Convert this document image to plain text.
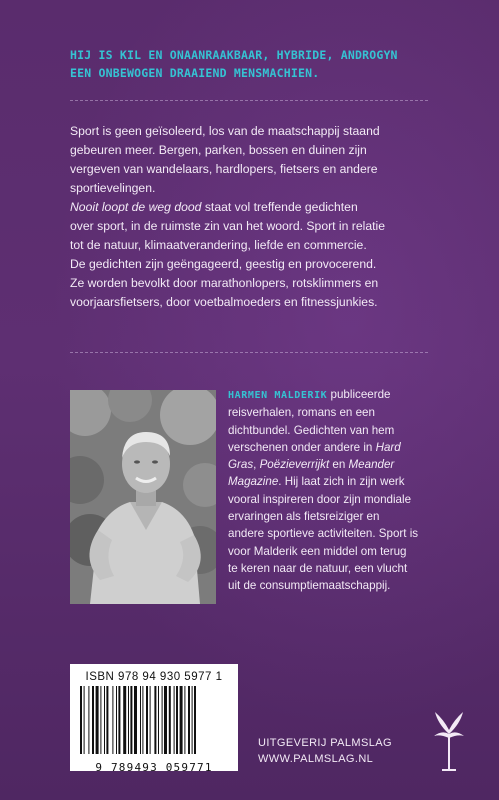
HIJ IS KIL EN ONAANRAAKBAAR, HYBRIDE, ANDROGYN
EEN ONBEWOGEN DRAAIEND MENSMACHIEN.

Sport is geen geïsoleerd, los van de maatschappij staand

gebeuren meer. Bergen, parken, bossen en duinen zijn

vergeven van wandelaars, hardlopers, fietsers en andere

sportievelingen.

Nooit loopt de weg dood staat vol treffende gedichten

over sport, in de ruimste zin van het woord. Sport in relatie

tot de natuur, klimaatverandering, liefde en commercie.

De gedichten zijn geëngageerd, geestig en provocerend.

Ze worden bevolkt door marathonlopers, rotsklimmers en

voorjaarsfietsers, door voetbalmoeders en fitnessjunkies.

HARMEN MALDERIK publiceerde

reisverhalen, romans en een

dichtbundel. Gedichten van hem

verschenen onder andere in Hard

Gras, Poëzieverrijkt en Meander

Magazine. Hij laat zich in zijn werk

vooral inspireren door zijn mondiale

ervaringen als fietsreiziger en

andere sportieve activiteiten. Sport is

voor Malderik een middel om terug

te keren naar de natuur, een vlucht

uit de consumptiemaatschappij.

ISBN 978 94 930 5977 1
9 789493 059771
UITGEVERIJ PALMSLAG
WWW.PALMSLAG.NL
